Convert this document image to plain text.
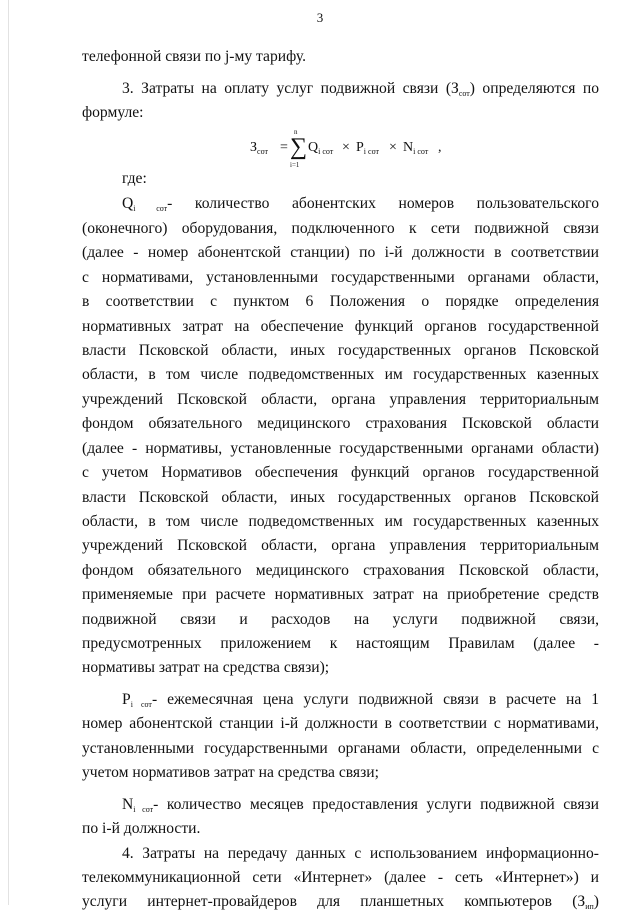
3
телефонной связи по j-му тарифу.
3. Затраты на оплату услуг подвижной связи (Зсот) определяются по
формуле:
$З_{сот}$ =
n
∑
i=1
$Q_{i сот} \times P_{i сот} \times N_{i сот}$ ,
где:
Qi сот- количество абонентских номеров пользовательского
(оконечного) оборудования, подключенного к сети подвижной связи
(далее - номер абонентской станции) по i-й должности в соответствии
с нормативами, установленными государственными органами области,
в соответствии с пунктом 6 Положения о порядке определения
нормативных затрат на обеспечение функций органов государственной
власти Псковской области, иных государственных органов Псковской
области, в том числе подведомственных им государственных казенных
учреждений Псковской области, органа управления территориальным
фондом обязательного медицинского страхования Псковской области
(далее - нормативы, установленные государственными органами области)
с учетом Нормативов обеспечения функций органов государственной
власти Псковской области, иных государственных органов Псковской
области, в том числе подведомственных им государственных казенных
учреждений Псковской области, органа управления территориальным
фондом обязательного медицинского страхования Псковской области,
применяемые при расчете нормативных затрат на приобретение средств
подвижной связи и расходов на услуги подвижной связи,
предусмотренных приложением к настоящим Правилам (далее -
нормативы затрат на средства связи);
Pi сот- ежемесячная цена услуги подвижной связи в расчете на 1
номер абонентской станции i-й должности в соответствии с нормативами,
установленными государственными органами области, определенными с
учетом нормативов затрат на средства связи;
Ni сот- количество месяцев предоставления услуги подвижной связи
по i-й должности.
4. Затраты на передачу данных с использованием информационно-
телекоммуникационной сети «Интернет» (далее - сеть «Интернет») и
услуги интернет-провайдеров для планшетных компьютеров (Зип)
